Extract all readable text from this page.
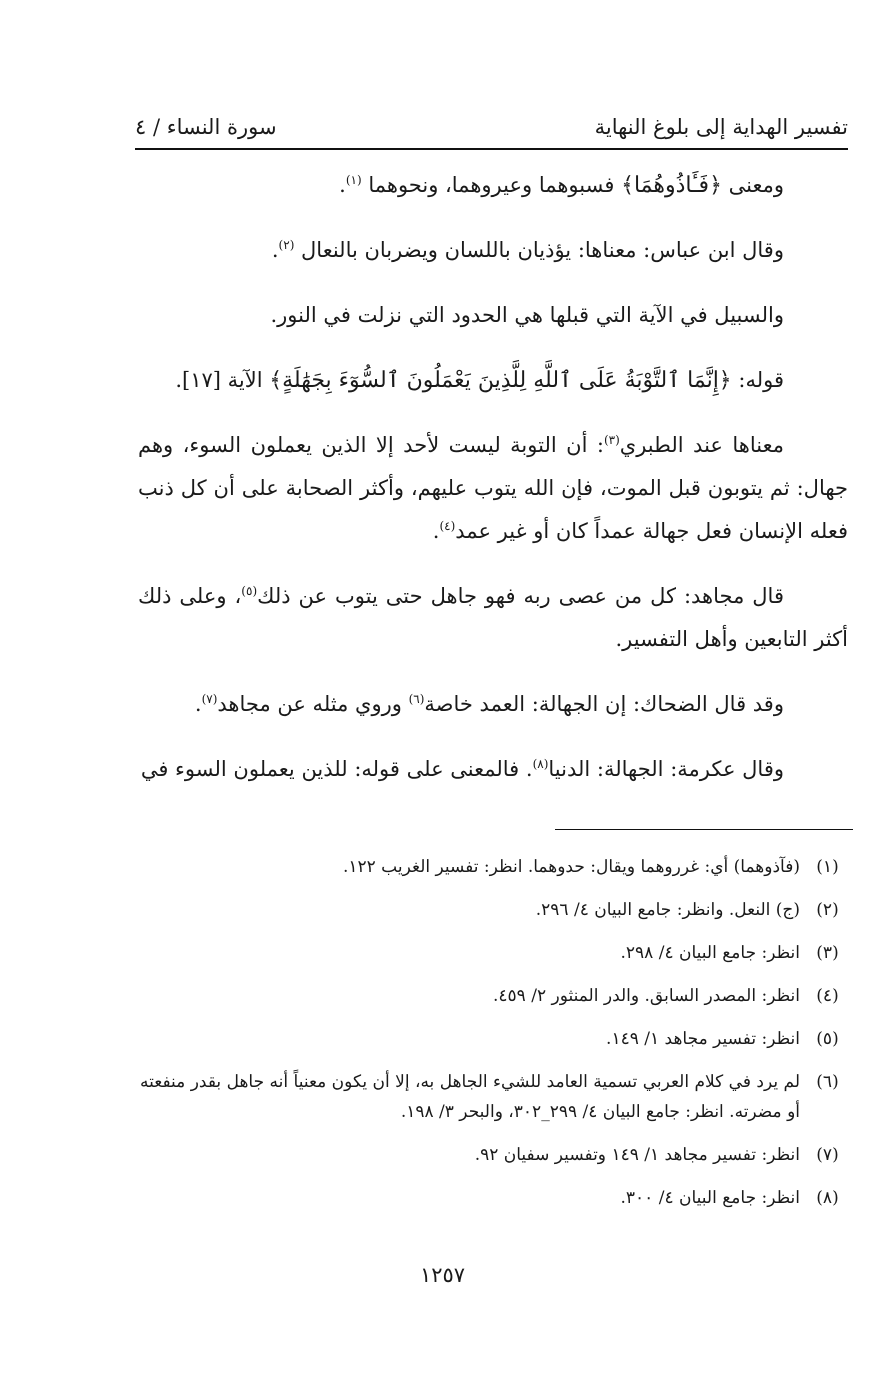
تفسير الهداية إلى بلوغ النهاية
سورة النساء / ٤

ومعنى ﴿فَـَٔاذُوهُمَا﴾ فسبوهما وعيروهما، ونحوهما $^{(١)}$.

وقال ابن عباس: معناها: يؤذيان باللسان ويضربان بالنعال $^{(٢)}$.

والسبيل في الآية التي قبلها هي الحدود التي نزلت في النور.

قوله: ﴿إِنَّمَا ٱلتَّوْبَةُ عَلَى ٱللَّهِ لِلَّذِينَ يَعْمَلُونَ ٱلسُّوٓءَ بِجَهَٰلَةٍ﴾ الآية [١٧].

معناها عند الطبري$^{(٣)}$: أن التوبة ليست لأحد إلا الذين يعملون السوء، وهم جهال: ثم يتوبون قبل الموت، فإن الله يتوب عليهم، وأكثر الصحابة على أن كل ذنب فعله الإنسان فعل جهالة عمداً كان أو غير عمد$^{(٤)}$.

قال مجاهد: كل من عصى ربه فهو جاهل حتى يتوب عن ذلك$^{(٥)}$، وعلى ذلك أكثر التابعين وأهل التفسير.

وقد قال الضحاك: إن الجهالة: العمد خاصة$^{(٦)}$ وروي مثله عن مجاهد$^{(٧)}$.

وقال عكرمة: الجهالة: الدنيا$^{(٨)}$. فالمعنى على قوله: للذين يعملون السوء في

(١)
(فآذوهما) أي: غرروهما ويقال: حدوهما. انظر: تفسير الغريب ١٢٢.
(٢)
(ج) النعل. وانظر: جامع البيان ٤/ ٢٩٦.
(٣)
انظر: جامع البيان ٤/ ٢٩٨.
(٤)
انظر: المصدر السابق. والدر المنثور ٢/ ٤٥٩.
(٥)
انظر: تفسير مجاهد ١/ ١٤٩.
(٦)
لم يرد في كلام العربي تسمية العامد للشيء الجاهل به، إلا أن يكون معنياً أنه جاهل بقدر منفعته أو مضرته. انظر: جامع البيان ٤/ ٢٩٩_٣٠٢، والبحر ٣/ ١٩٨.
(٧)
انظر: تفسير مجاهد ١/ ١٤٩ وتفسير سفيان ٩٢.
(٨)
انظر: جامع البيان ٤/ ٣٠٠.
١٢٥٧
